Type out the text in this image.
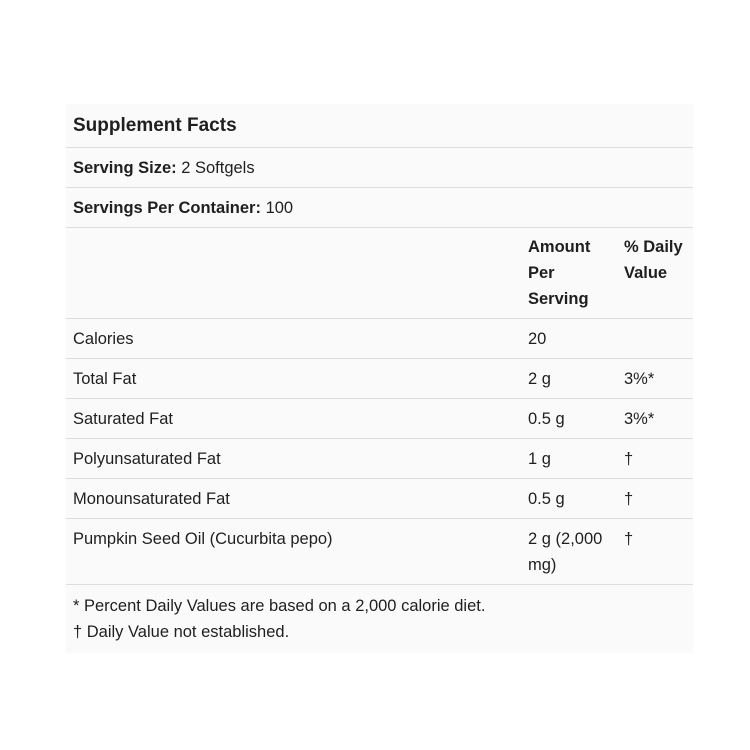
Supplement Facts		
Serving Size: 2 Softgels		
Servings Per Container: 100		
	Amount Per Serving	% Daily Value
Calories	20	
Total Fat	2 g	3%*
Saturated Fat	0.5 g	3%*
Polyunsaturated Fat	1 g	†
Monounsaturated Fat	0.5 g	†
Pumpkin Seed Oil (Cucurbita pepo)	2 g (2,000 mg)	†

* Percent Daily Values are based on a 2,000 calorie diet.
† Daily Value not established.		
